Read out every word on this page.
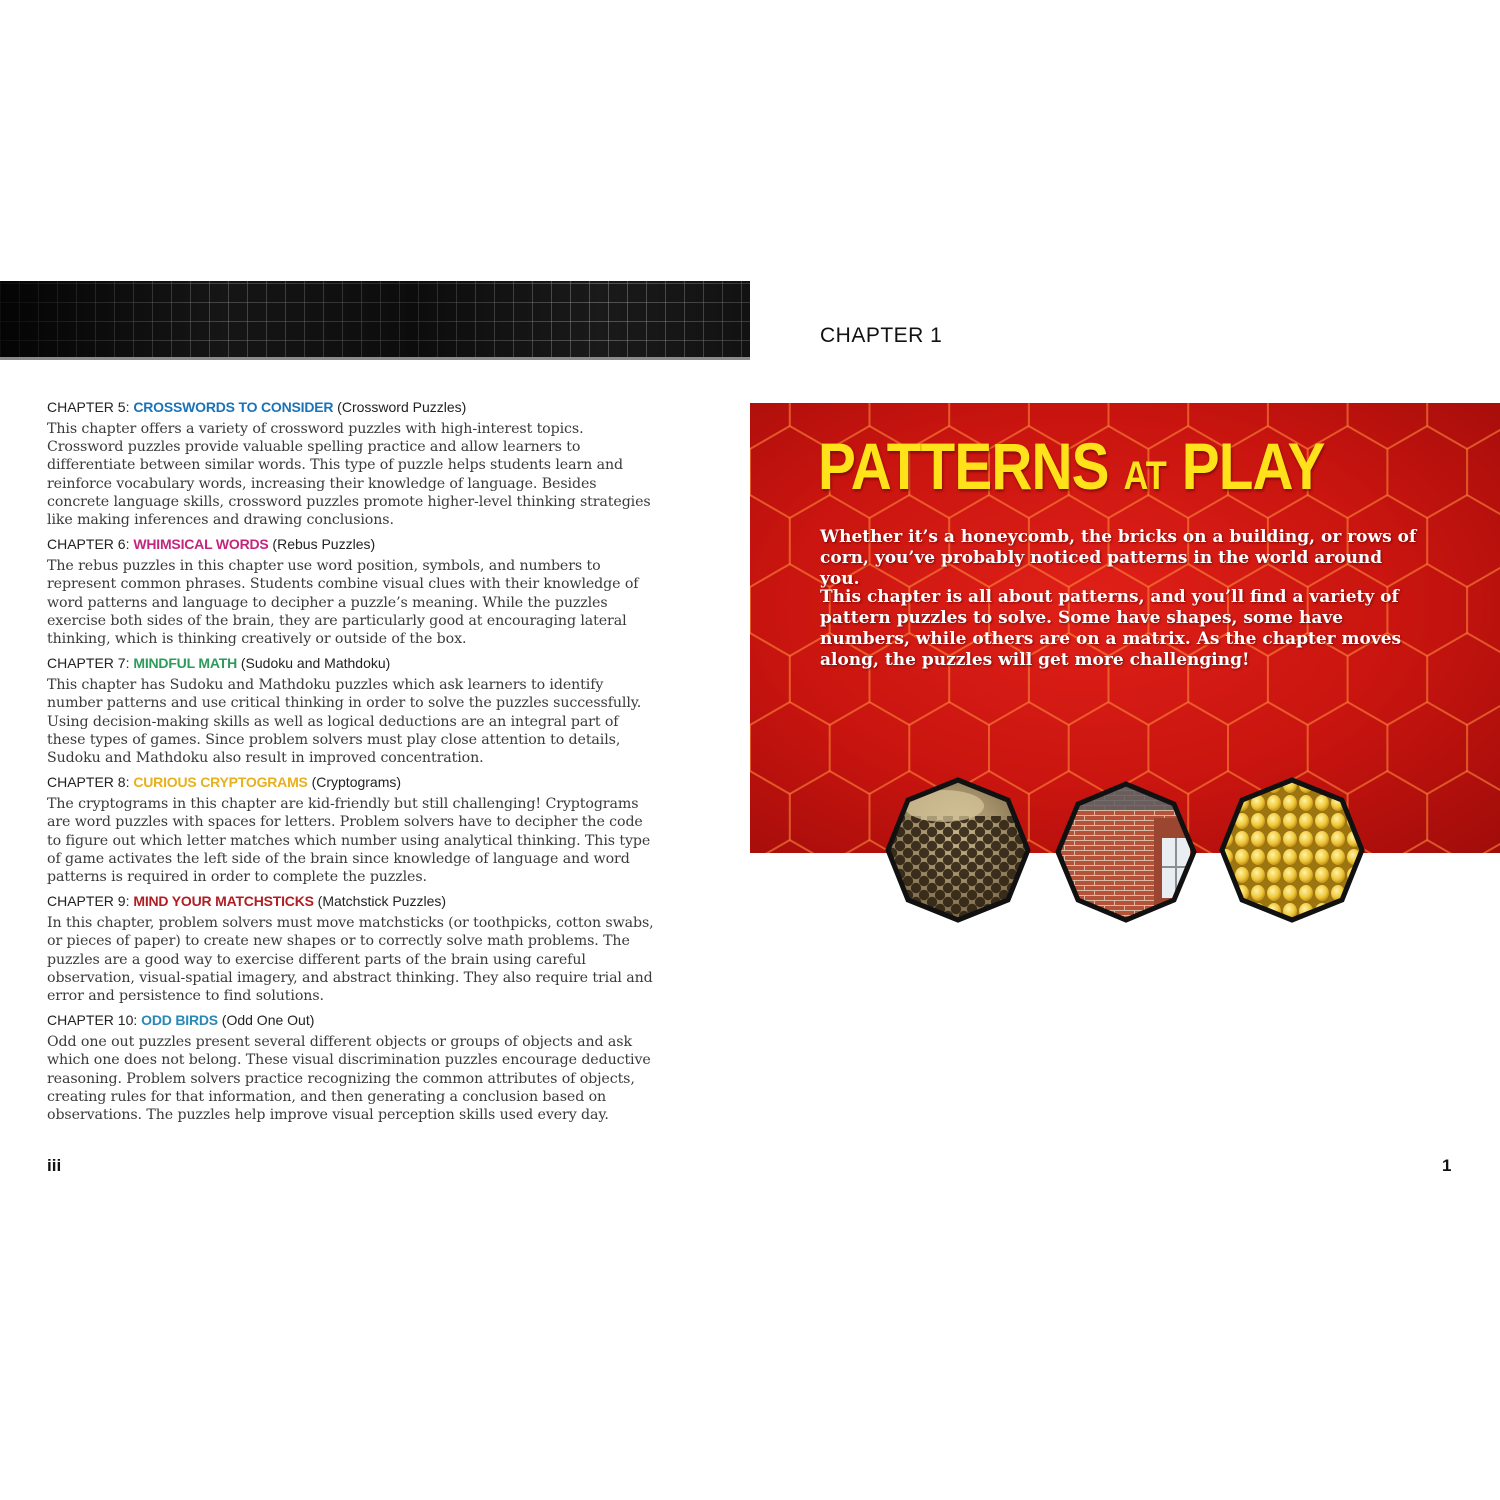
CHAPTER 5: CROSSWORDS TO CONSIDER (Crossword Puzzles)
This chapter offers a variety of crossword puzzles with high-interest topics. Crossword puzzles provide valuable spelling practice and allow learners to differentiate between similar words. This type of puzzle helps students learn and reinforce vocabulary words, increasing their knowledge of language. Besides concrete language skills, crossword puzzles promote higher-level thinking strategies like making inferences and drawing conclusions.
CHAPTER 6: WHIMSICAL WORDS (Rebus Puzzles)
The rebus puzzles in this chapter use word position, symbols, and numbers to represent common phrases. Students combine visual clues with their knowledge of word patterns and language to decipher a puzzle’s meaning. While the puzzles exercise both sides of the brain, they are particularly good at encouraging lateral thinking, which is thinking creatively or outside of the box.
CHAPTER 7: MINDFUL MATH (Sudoku and Mathdoku)
This chapter has Sudoku and Mathdoku puzzles which ask learners to identify number patterns and use critical thinking in order to solve the puzzles successfully. Using decision-making skills as well as logical deductions are an integral part of these types of games. Since problem solvers must play close attention to details, Sudoku and Mathdoku also result in improved concentration.
CHAPTER 8: CURIOUS CRYPTOGRAMS (Cryptograms)
The cryptograms in this chapter are kid-friendly but still challenging! Cryptograms are word puzzles with spaces for letters. Problem solvers have to decipher the code to figure out which letter matches which number using analytical thinking. This type of game activates the left side of the brain since knowledge of language and word patterns is required in order to complete the puzzles.
CHAPTER 9: MIND YOUR MATCHSTICKS (Matchstick Puzzles)
In this chapter, problem solvers must move matchsticks (or toothpicks, cotton swabs, or pieces of paper) to create new shapes or to correctly solve math problems. The puzzles are a good way to exercise different parts of the brain using careful observation, visual-spatial imagery, and abstract thinking. They also require trial and error and persistence to find solutions.
CHAPTER 10: ODD BIRDS (Odd One Out)
Odd one out puzzles present several different objects or groups of objects and ask which one does not belong. These visual discrimination puzzles encourage deductive reasoning. Problem solvers practice recognizing the common attributes of objects, creating rules for that information, and then generating a conclusion based on observations. The puzzles help improve visual perception skills used every day.
iii
CHAPTER 1
PATTERNS AT PLAY
Whether it’s a honeycomb, the bricks on a building, or rows of corn, you’ve probably noticed patterns in the world around you.
This chapter is all about patterns, and you’ll find a variety of pattern puzzles to solve. Some have shapes, some have numbers, while others are on a matrix. As the chapter moves along, the puzzles will get more challenging!
1
